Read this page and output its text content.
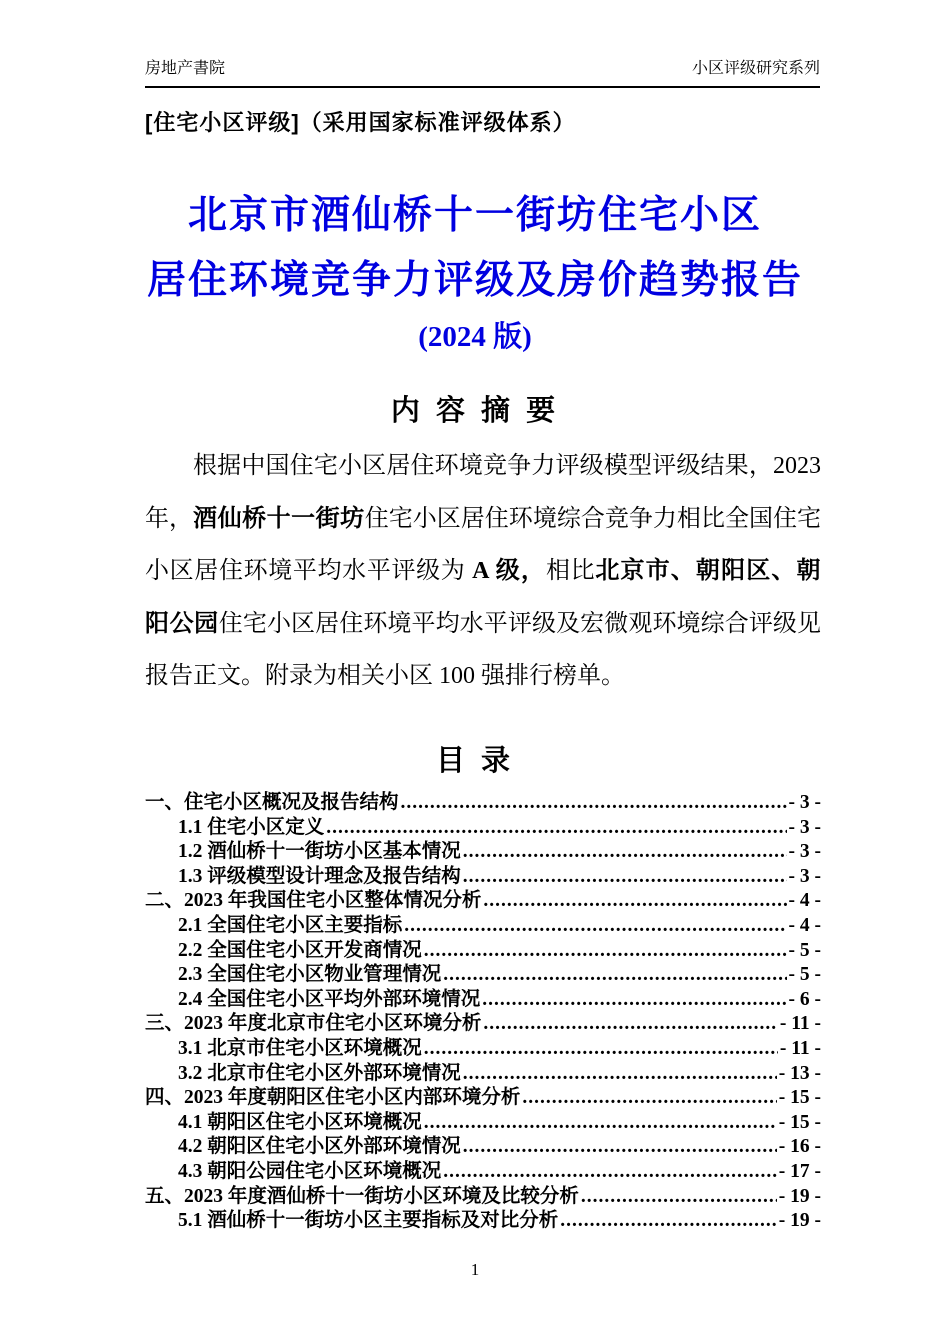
房地产書院	小区评级研究系列
[住宅小区评级]（采用国家标准评级体系）
北京市酒仙桥十一街坊住宅小区
居住环境竞争力评级及房价趋势报告
(2024 版)
内 容 摘 要
根据中国住宅小区居住环境竞争力评级模型评级结果，2023 年，酒仙桥十一街坊住宅小区居住环境综合竞争力相比全国住宅小区居住环境平均水平评级为 A 级，相比北京市、朝阳区、朝阳公园住宅小区居住环境平均水平评级及宏微观环境综合评级见报告正文。附录为相关小区 100 强排行榜单。
目 录
一、住宅小区概况及报告结构 .....	- 3 -
1.1 住宅小区定义 .....	- 3 -
1.2 酒仙桥十一街坊小区基本情况 .....	- 3 -
1.3 评级模型设计理念及报告结构 .....	- 3 -
二、2023 年我国住宅小区整体情况分析 .....	- 4 -
2.1 全国住宅小区主要指标 .....	- 4 -
2.2 全国住宅小区开发商情况 .....	- 5 -
2.3 全国住宅小区物业管理情况 .....	- 5 -
2.4 全国住宅小区平均外部环境情况 .....	- 6 -
三、2023 年度北京市住宅小区环境分析 .....	- 11 -
3.1 北京市住宅小区环境概况 .....	- 11 -
3.2 北京市住宅小区外部环境情况 .....	- 13 -
四、2023 年度朝阳区住宅小区内部环境分析 .....	- 15 -
4.1 朝阳区住宅小区环境概况 .....	- 15 -
4.2 朝阳区住宅小区外部环境情况 .....	- 16 -
4.3 朝阳公园住宅小区环境概况 .....	- 17 -
五、2023 年度酒仙桥十一街坊小区环境及比较分析 .....	- 19 -
5.1 酒仙桥十一街坊小区主要指标及对比分析 .....	- 19 -
1
